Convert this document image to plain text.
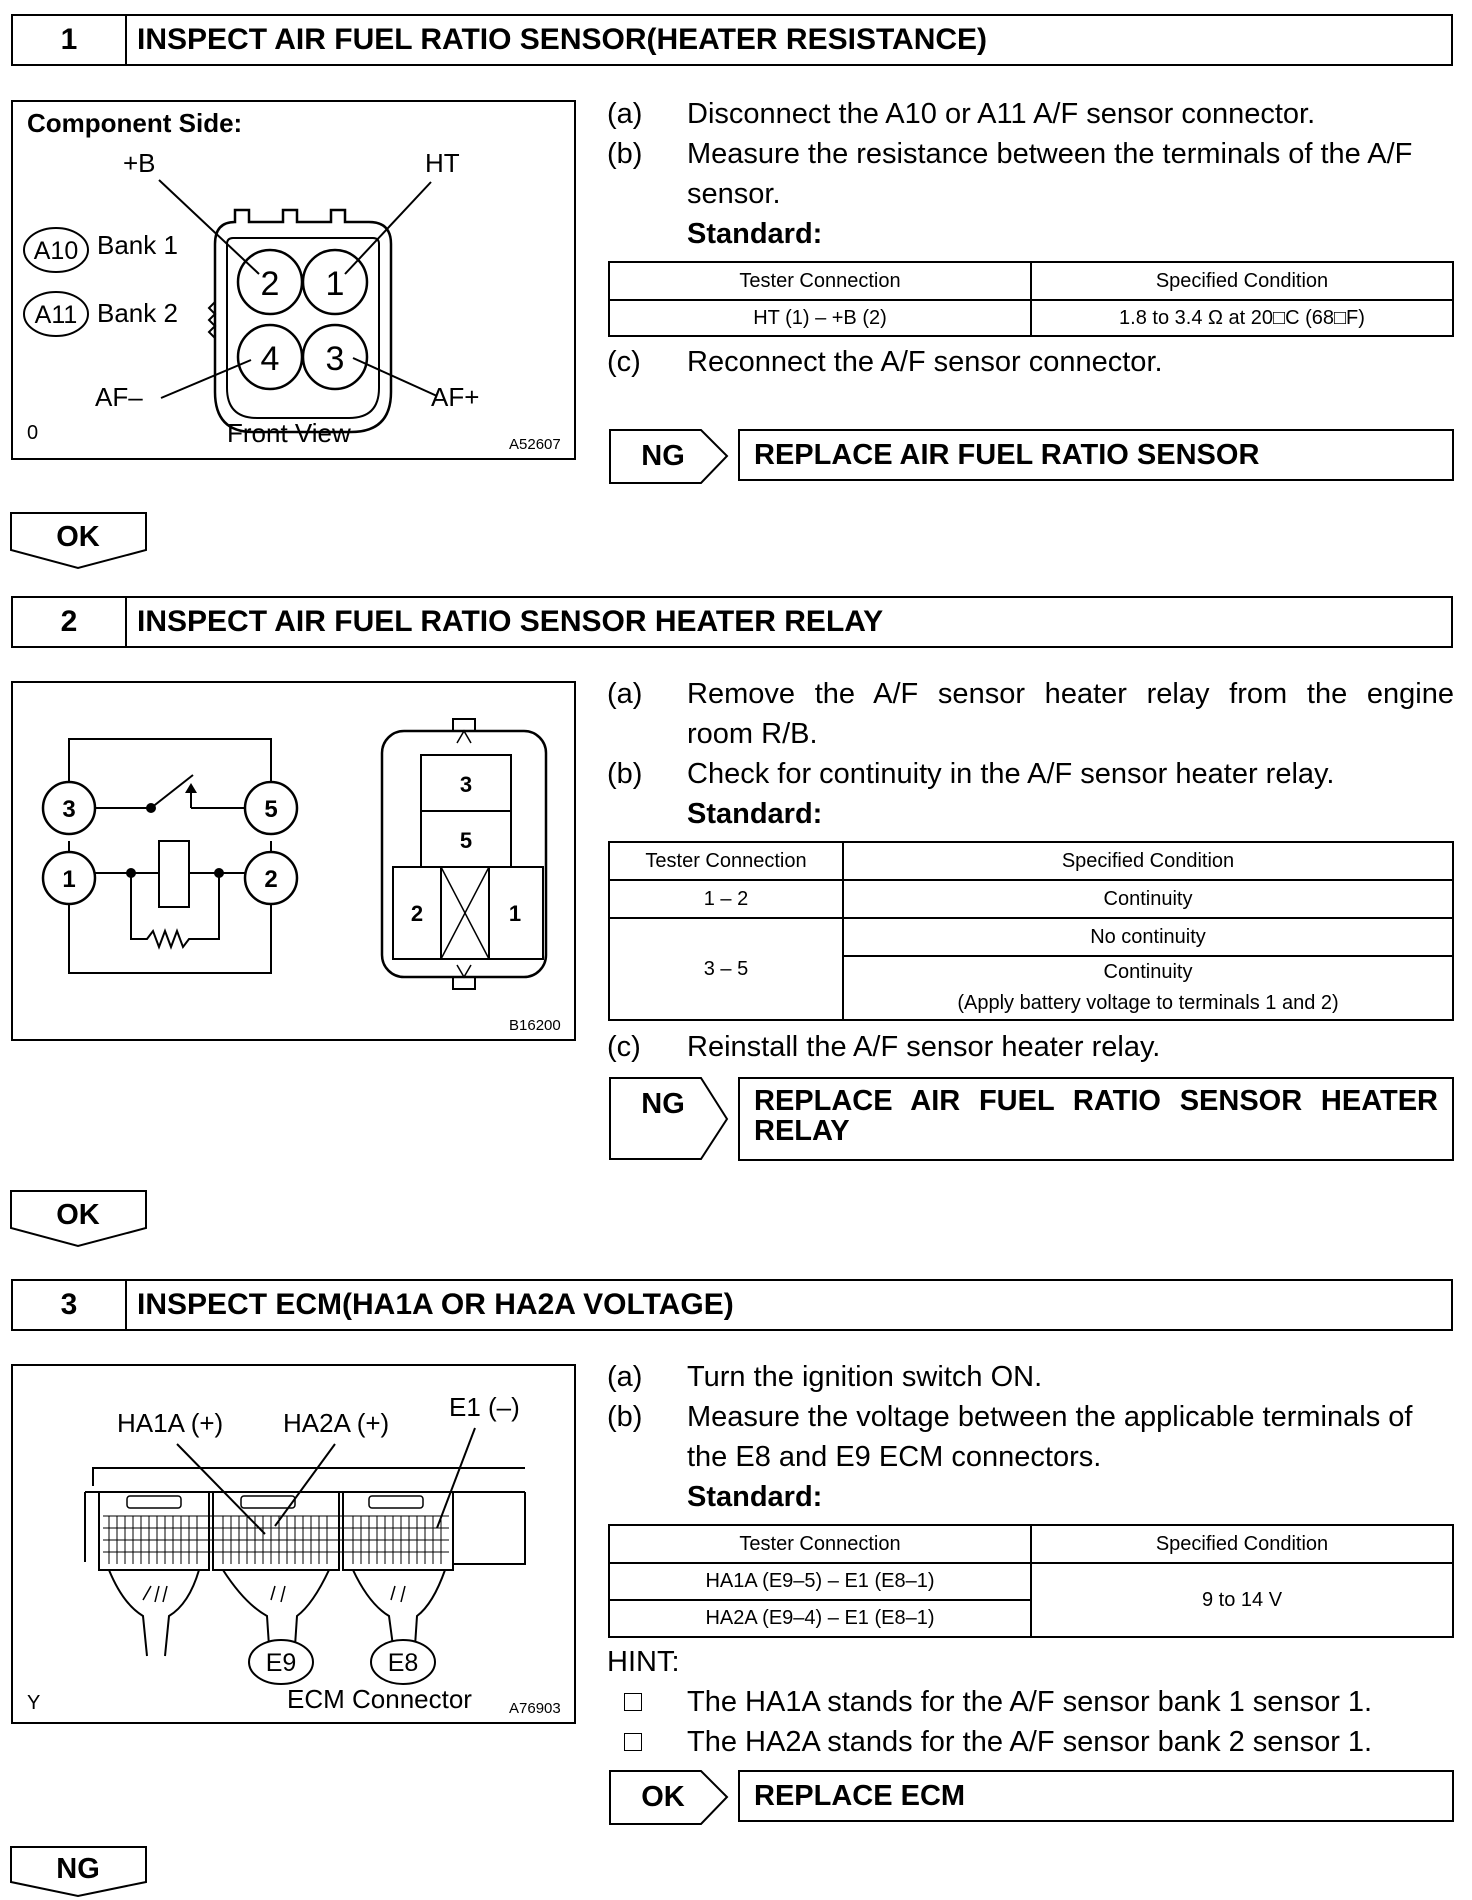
1	INSPECT AIR FUEL RATIO SENSOR(HEATER RESISTANCE)
Component Side:
+B	HT
Bank 1
Bank 2
AF–	AF+
0	Front View	A52607
A10
A11
2 1
4 3
(a) Disconnect the A10 or A11 A/F sensor connector.
(b) Measure the resistance between the terminals of the A/F
sensor.
Standard:
Tester Connection	Specified Condition
HT (1) – +B (2)	1.8 to 3.4 Ω at 20□C (68□F)
(c) Reconnect the A/F sensor connector.
NG	REPLACE AIR FUEL RATIO SENSOR
OK
2	INSPECT AIR FUEL RATIO SENSOR HEATER RELAY
B16200
3	5
1	2
3
5
2	1
(a) Remove the A/F sensor heater relay from the engine
room R/B.
(b) Check for continuity in the A/F sensor heater relay.
Standard:
Tester Connection	Specified Condition
1 – 2	Continuity
3 – 5	No continuity

	Continuity
(Apply battery voltage to terminals 1 and 2)
(c) Reinstall the A/F sensor heater relay.
NG	REPLACE AIR FUEL RATIO SENSOR HEATER
RELAY
OK
3	INSPECT ECM(HA1A OR HA2A VOLTAGE)
HA1A (+) HA2A (+)
E1 (–)
Y	ECM Connector A76903
E9	E8
(a) Turn the ignition switch ON.
(b) Measure the voltage between the applicable terminals of
the E8 and E9 ECM connectors.
Standard:
Tester Connection	Specified Condition
HA1A (E9–5) – E1 (E8–1)	9 to 14 V
HA2A (E9–4) – E1 (E8–1)	
HINT:
The HA1A stands for the A/F sensor bank 1 sensor 1.
The HA2A stands for the A/F sensor bank 2 sensor 1.
OK	REPLACE ECM
NG
